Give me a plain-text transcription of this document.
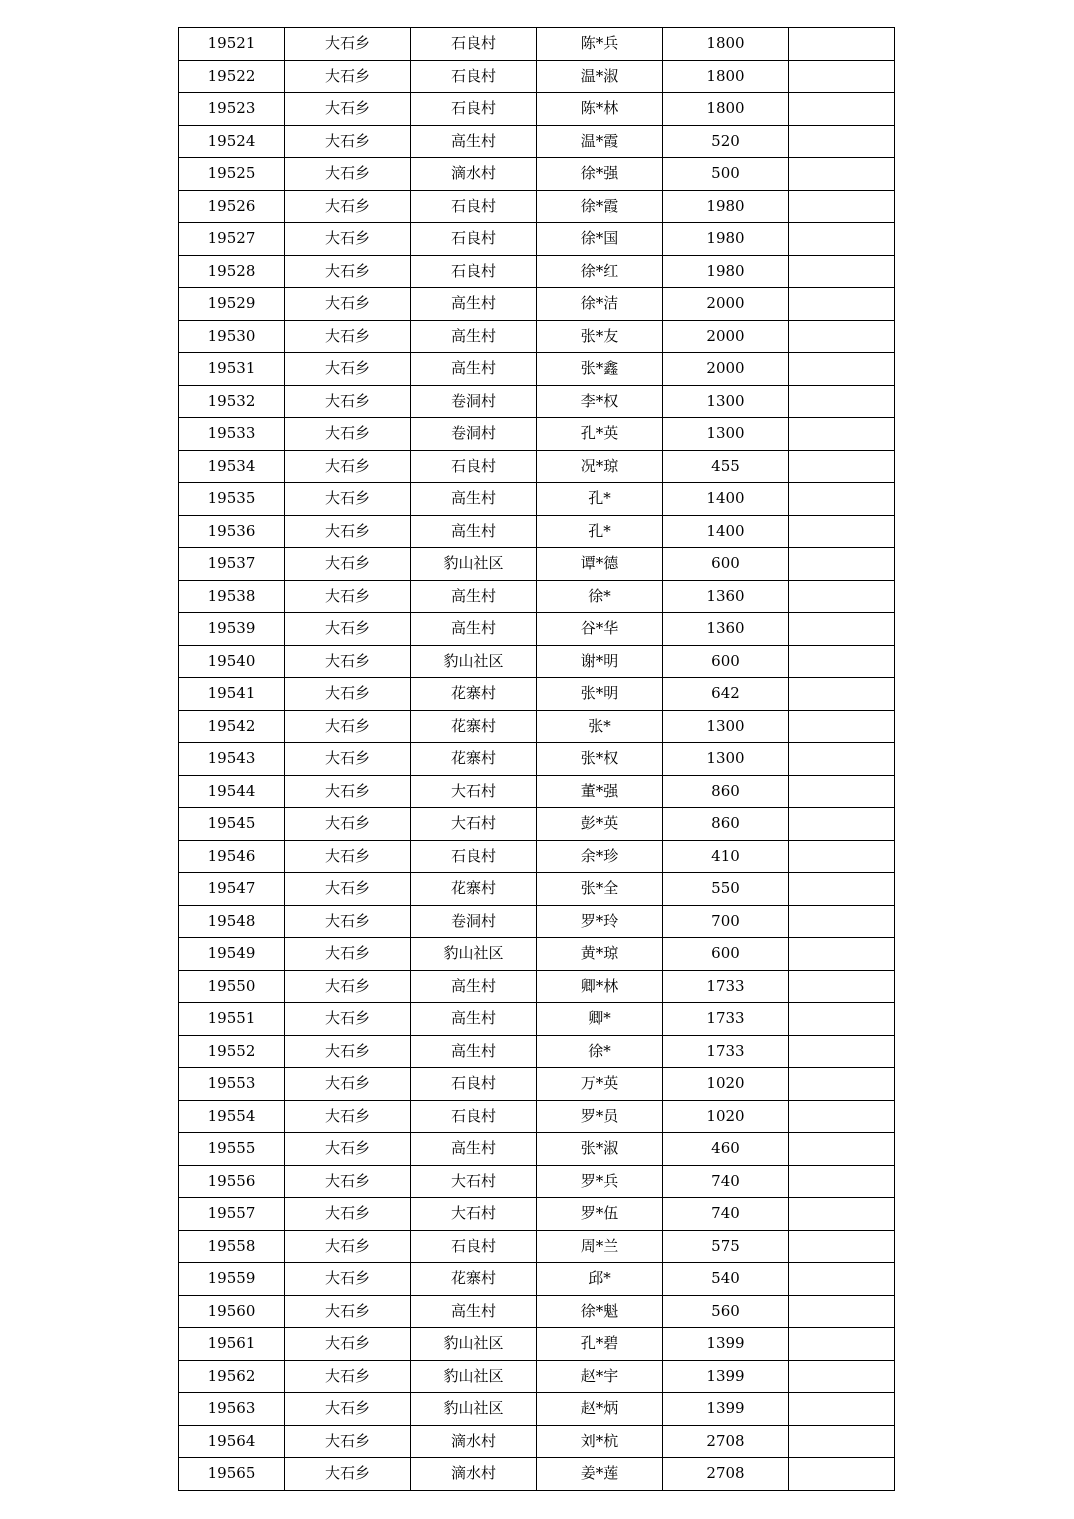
19521	大石乡	石良村	陈*兵	1800	
19522	大石乡	石良村	温*淑	1800	
19523	大石乡	石良村	陈*林	1800	
19524	大石乡	高生村	温*霞	520	
19525	大石乡	滴水村	徐*强	500	
19526	大石乡	石良村	徐*霞	1980	
19527	大石乡	石良村	徐*国	1980	
19528	大石乡	石良村	徐*红	1980	
19529	大石乡	高生村	徐*洁	2000	
19530	大石乡	高生村	张*友	2000	
19531	大石乡	高生村	张*鑫	2000	
19532	大石乡	卷洞村	李*权	1300	
19533	大石乡	卷洞村	孔*英	1300	
19534	大石乡	石良村	况*琼	455	
19535	大石乡	高生村	孔*	1400	
19536	大石乡	高生村	孔*	1400	
19537	大石乡	豹山社区	谭*德	600	
19538	大石乡	高生村	徐*	1360	
19539	大石乡	高生村	谷*华	1360	
19540	大石乡	豹山社区	谢*明	600	
19541	大石乡	花寨村	张*明	642	
19542	大石乡	花寨村	张*	1300	
19543	大石乡	花寨村	张*权	1300	
19544	大石乡	大石村	董*强	860	
19545	大石乡	大石村	彭*英	860	
19546	大石乡	石良村	余*珍	410	
19547	大石乡	花寨村	张*全	550	
19548	大石乡	卷洞村	罗*玲	700	
19549	大石乡	豹山社区	黄*琼	600	
19550	大石乡	高生村	卿*林	1733	
19551	大石乡	高生村	卿*	1733	
19552	大石乡	高生村	徐*	1733	
19553	大石乡	石良村	万*英	1020	
19554	大石乡	石良村	罗*员	1020	
19555	大石乡	高生村	张*淑	460	
19556	大石乡	大石村	罗*兵	740	
19557	大石乡	大石村	罗*伍	740	
19558	大石乡	石良村	周*兰	575	
19559	大石乡	花寨村	邱*	540	
19560	大石乡	高生村	徐*魁	560	
19561	大石乡	豹山社区	孔*碧	1399	
19562	大石乡	豹山社区	赵*宇	1399	
19563	大石乡	豹山社区	赵*炳	1399	
19564	大石乡	滴水村	刘*杭	2708	
19565	大石乡	滴水村	姜*莲	2708	
